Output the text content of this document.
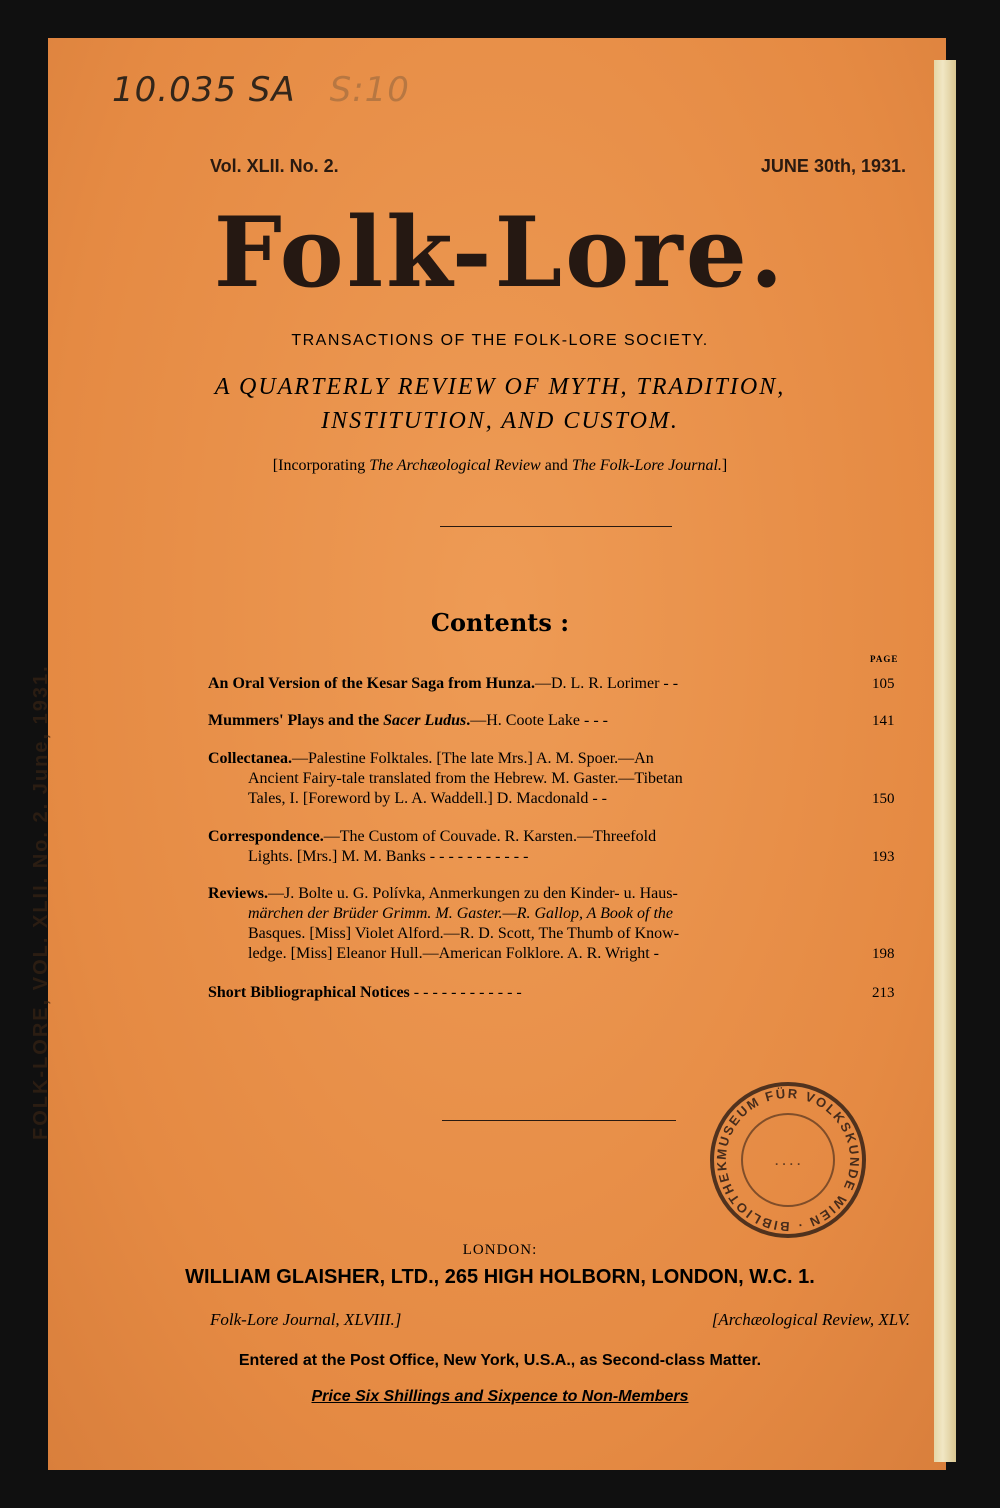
FOLK-LORE, VOL. XLII. No. 2. June, 1931.
10.035 SA S:10
Vol. XLII. No. 2.	JUNE 30th, 1931.
Folk-Lore.
TRANSACTIONS OF THE FOLK-LORE SOCIETY.
A QUARTERLY REVIEW OF MYTH, TRADITION,
INSTITUTION, AND CUSTOM.
[Incorporating The Archæological Review and The Folk-Lore Journal.]
Contents :
PAGE
An Oral Version of the Kesar Saga from Hunza.—D. L. R. Lorimer - -	105
Mummers' Plays and the Sacer Ludus.—H. Coote Lake - - -	141
Collectanea.—Palestine Folktales. [The late Mrs.] A. M. Spoer.—An
Ancient Fairy-tale translated from the Hebrew. M. Gaster.—Tibetan
Tales, I. [Foreword by L. A. Waddell.] D. Macdonald - -	150
Correspondence.—The Custom of Couvade. R. Karsten.—Threefold
Lights. [Mrs.] M. M. Banks - - - - - - - - - - -	193
Reviews.—J. Bolte u. G. Polívka, Anmerkungen zu den Kinder- u. Haus-
märchen der Brüder Grimm. M. Gaster.—R. Gallop, A Book of the
Basques. [Miss] Violet Alford.—R. D. Scott, The Thumb of Know-
ledge. [Miss] Eleanor Hull.—American Folklore. A. R. Wright -	198
Short Bibliographical Notices - - - - - - - - - - - -	213
MUSEUM FÜR VOLKSKUNDE WIEN · BIBLIOTHEK	· · · ·
LONDON:
WILLIAM GLAISHER, LTD., 265 HIGH HOLBORN, LONDON, W.C. 1.
Folk-Lore Journal, XLVIII.]	[Archæological Review, XLV.
Entered at the Post Office, New York, U.S.A., as Second-class Matter.
Price Six Shillings and Sixpence to Non-Members
